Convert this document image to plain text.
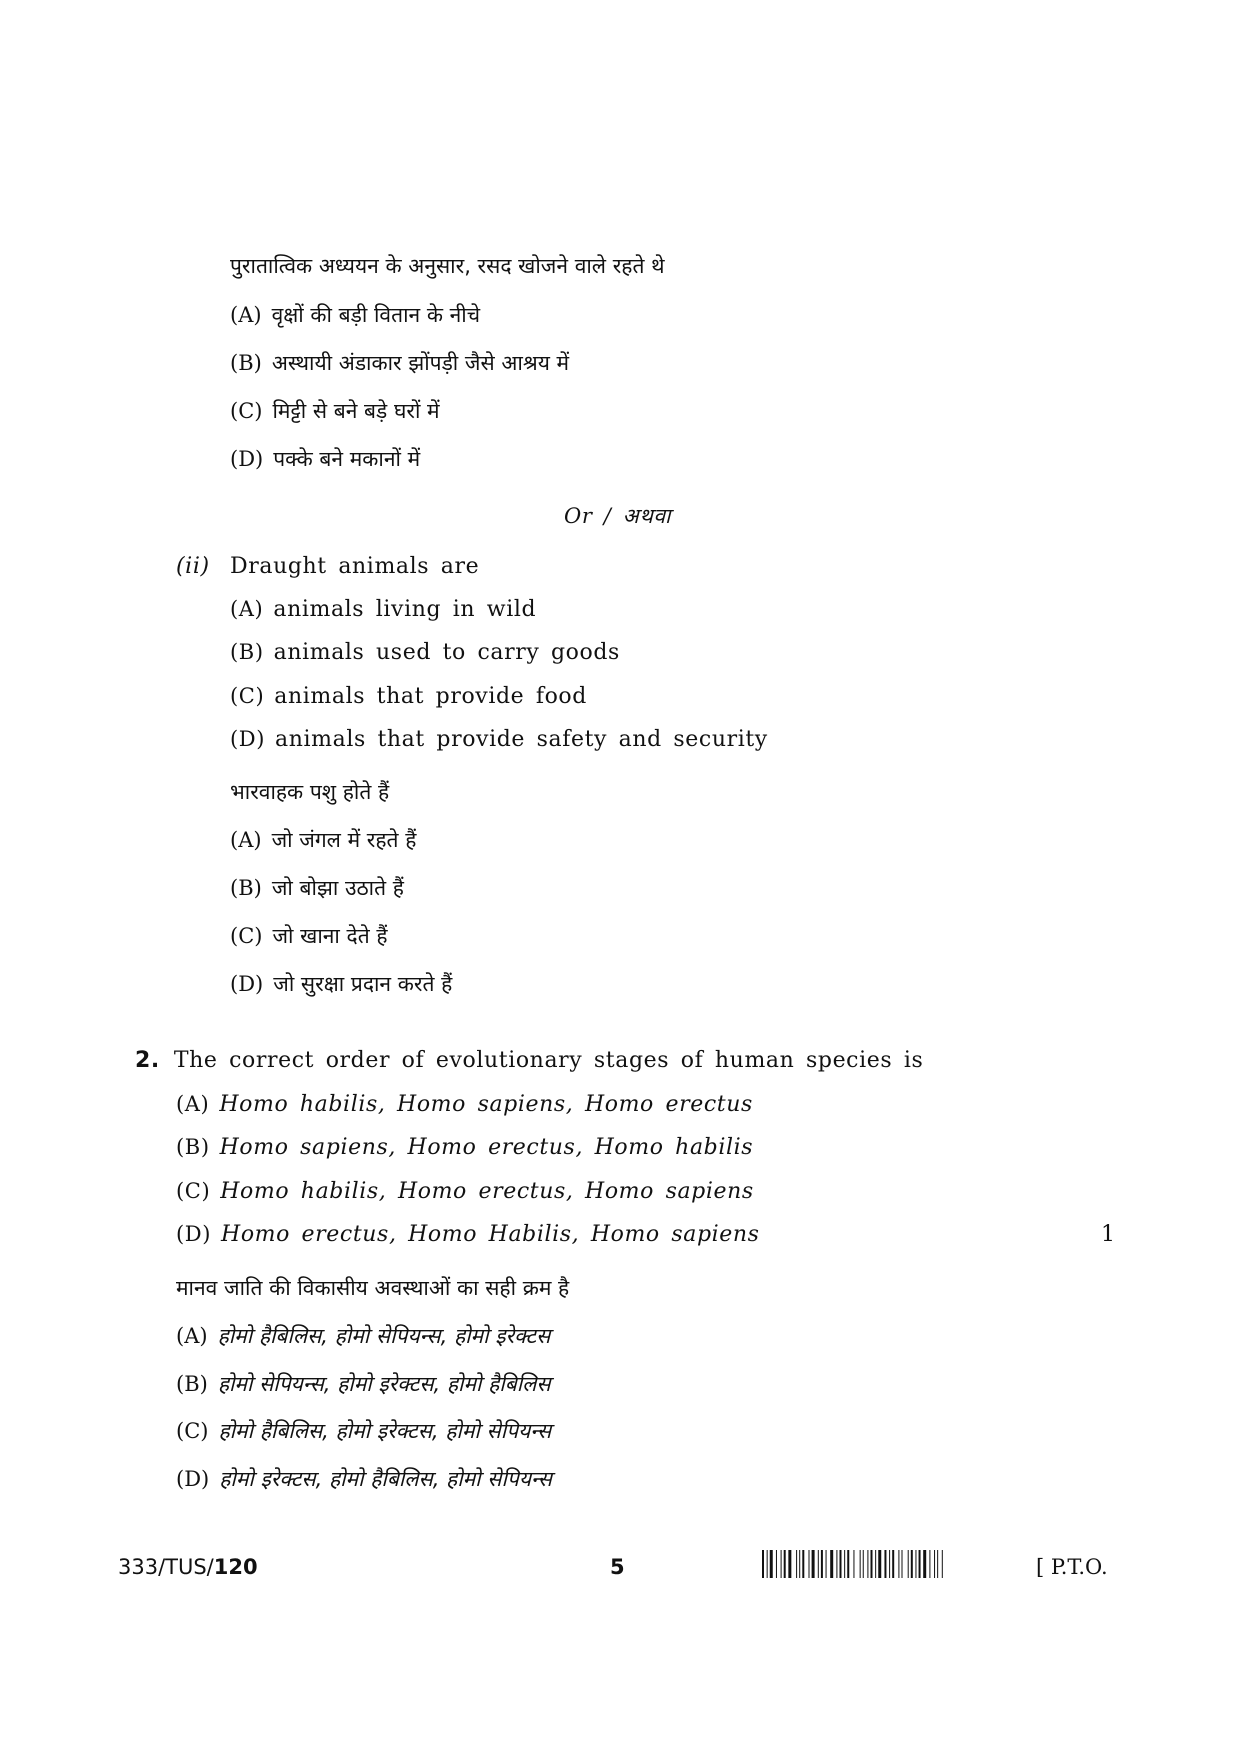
पुरातात्विक अध्ययन के अनुसार, रसद खोजने वाले रहते थे
(A) वृक्षों की बड़ी वितान के नीचे
(B) अस्थायी अंडाकार झोंपड़ी जैसे आश्रय में
(C) मिट्टी से बने बड़े घरों में
(D) पक्के बने मकानों में
Or / अथवा
(ii) Draught animals are
(A) animals living in wild
(B) animals used to carry goods
(C) animals that provide food
(D) animals that provide safety and security
भारवाहक पशु होते हैं
(A) जो जंगल में रहते हैं
(B) जो बोझा उठाते हैं
(C) जो खाना देते हैं
(D) जो सुरक्षा प्रदान करते हैं
2. The correct order of evolutionary stages of human species is
(A) Homo habilis, Homo sapiens, Homo erectus
(B) Homo sapiens, Homo erectus, Homo habilis
(C) Homo habilis, Homo erectus, Homo sapiens
(D) Homo erectus, Homo Habilis, Homo sapiens	1
मानव जाति की विकासीय अवस्थाओं का सही क्रम है
(A) होमो हैबिलिस, होमो सेपियन्स, होमो इरेक्टस
(B) होमो सेपियन्स, होमो इरेक्टस, होमो हैबिलिस
(C) होमो हैबिलिस, होमो इरेक्टस, होमो सेपियन्स
(D) होमो इरेक्टस, होमो हैबिलिस, होमो सेपियन्स
333/TUS/120	5	[ P.T.O.
